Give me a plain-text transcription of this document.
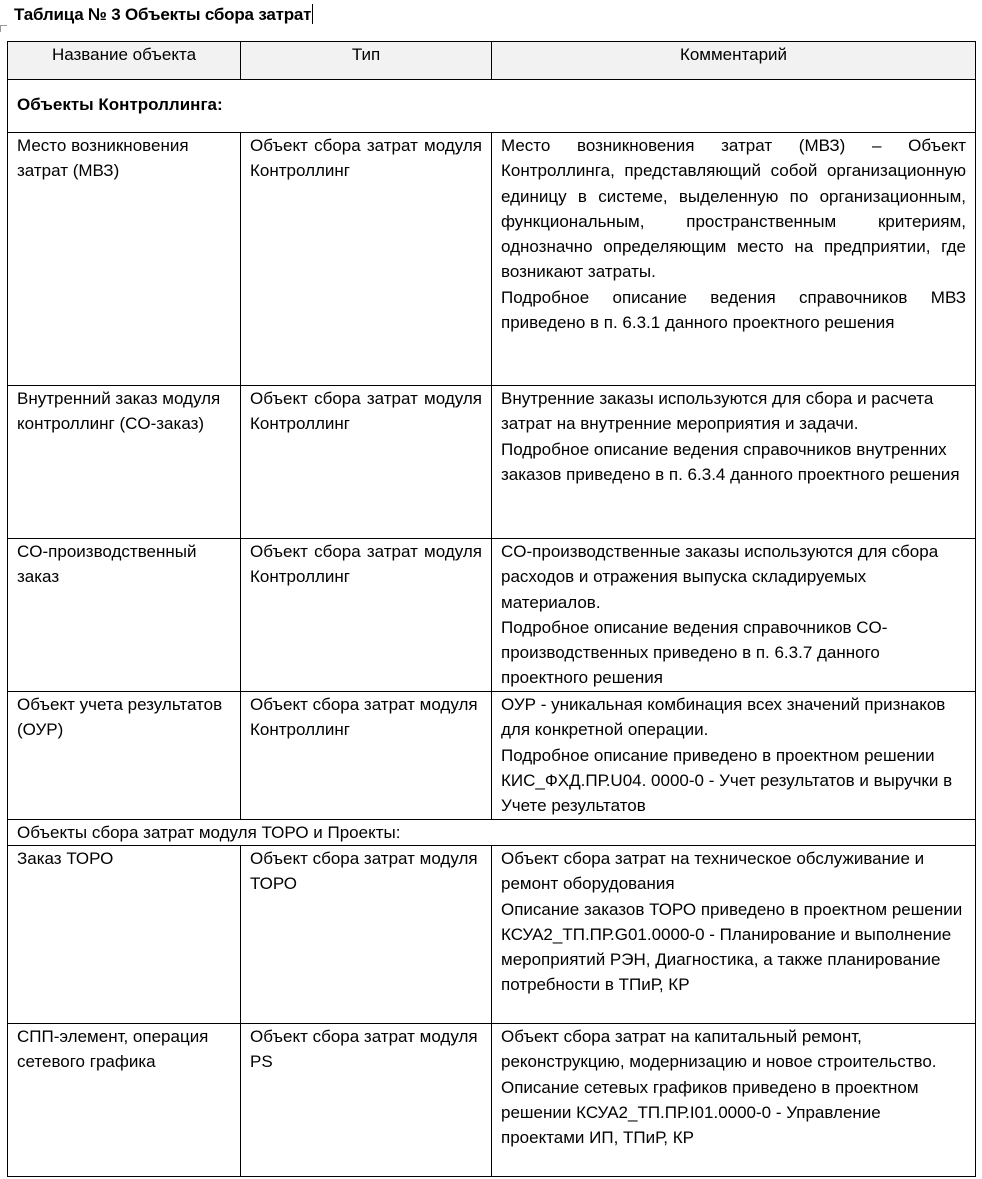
Таблица № 3 Объекты сбора затрат
Название объекта	Тип	Комментарий
Объекты Контроллинга:		
Место возникновения затрат (МВЗ)	Объект сбора затрат модуля Контроллинг	Место возникновения затрат (МВЗ) – Объект Контроллинга, представляющий собой организационную единицу в системе, выделенную по организационным, функциональным, пространственным критериям, однозначно определяющим место на предприятии, где возникают затраты.
Подробное описание ведения справочников МВЗ приведено в п. 6.3.1 данного проектного решения

Внутренний заказ модуля контроллинг (CO-заказ)	Объект сбора затрат модуля Контроллинг	Внутренние заказы используются для сбора и расчета затрат на внутренние мероприятия и задачи.
Подробное описание ведения справочников внутренних заказов приведено в п. 6.3.4 данного проектного решения

CO-производственный заказ	Объект сбора затрат модуля Контроллинг	CO-производственные заказы используются для сбора расходов и отражения выпуска складируемых материалов.
Подробное описание ведения справочников CO-производственных приведено в п. 6.3.7 данного проектного решения

Объект учета результатов (ОУР)	Объект сбора затрат модуля Контроллинг	ОУР - уникальная комбинация всех значений признаков для конкретной операции.
Подробное описание приведено в проектном решении КИС_ФХД.ПР.U04. 0000-0 - Учет результатов и выручки в Учете результатов

Объекты сбора затрат модуля ТОРО и Проекты:		
Заказ ТОРО	Объект сбора затрат модуля ТОРО	Объект сбора затрат на техническое обслуживание и ремонт оборудования
Описание заказов ТОРО приведено в проектном решении КСУА2_ТП.ПР.G01.0000-0 - Планирование и выполнение мероприятий РЭН, Диагностика, а также планирование потребности в ТПиР, КР

СПП-элемент, операция сетевого графика	Объект сбора затрат модуля PS	Объект сбора затрат на капитальный ремонт, реконструкцию, модернизацию и новое строительство.
Описание сетевых графиков приведено в проектном решении КСУА2_ТП.ПР.I01.0000-0 - Управление проектами ИП, ТПиР, КР
